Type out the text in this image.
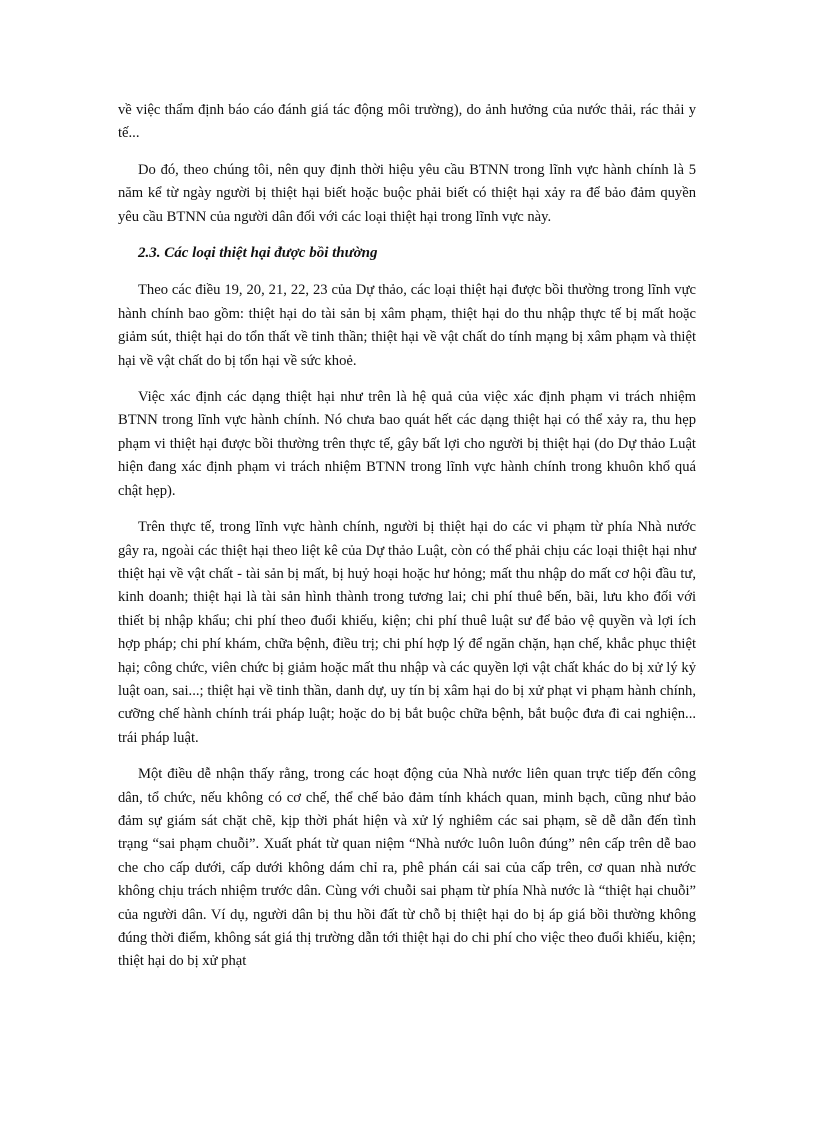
về việc thẩm định báo cáo đánh giá tác động môi trường), do ảnh hưởng của nước thải, rác thải y tế...

Do đó, theo chúng tôi, nên quy định thời hiệu yêu cầu BTNN trong lĩnh vực hành chính là 5 năm kể từ ngày người bị thiệt hại biết hoặc buộc phải biết có thiệt hại xảy ra để bảo đảm quyền yêu cầu BTNN của người dân đối với các loại thiệt hại trong lĩnh vực này.

2.3. Các loại thiệt hại được bồi thường

Theo các điều 19, 20, 21, 22, 23 của Dự thảo, các loại thiệt hại được bồi thường trong lĩnh vực hành chính bao gồm: thiệt hại do tài sản bị xâm phạm, thiệt hại do thu nhập thực tế bị mất hoặc giảm sút, thiệt hại do tổn thất về tinh thần; thiệt hại về vật chất do tính mạng bị xâm phạm và thiệt hại về vật chất do bị tổn hại về sức khoẻ.

Việc xác định các dạng thiệt hại như trên là hệ quả của việc xác định phạm vi trách nhiệm BTNN trong lĩnh vực hành chính. Nó chưa bao quát hết các dạng thiệt hại có thể xảy ra, thu hẹp phạm vi thiệt hại được bồi thường trên thực tế, gây bất lợi cho người bị thiệt hại (do Dự thảo Luật hiện đang xác định phạm vi trách nhiệm BTNN trong lĩnh vực hành chính trong khuôn khổ quá chật hẹp).

Trên thực tế, trong lĩnh vực hành chính, người bị thiệt hại do các vi phạm từ phía Nhà nước gây ra, ngoài các thiệt hại theo liệt kê của Dự thảo Luật, còn có thể phải chịu các loại thiệt hại như thiệt hại về vật chất - tài sản bị mất, bị huỷ hoại hoặc hư hỏng; mất thu nhập do mất cơ hội đầu tư, kinh doanh; thiệt hại là tài sản hình thành trong tương lai; chi phí thuê bến, bãi, lưu kho đối với thiết bị nhập khẩu; chi phí theo đuổi khiếu, kiện; chi phí thuê luật sư để bảo vệ quyền và lợi ích hợp pháp; chi phí khám, chữa bệnh, điều trị; chi phí hợp lý để ngăn chặn, hạn chế, khắc phục thiệt hại; công chức, viên chức bị giảm hoặc mất thu nhập và các quyền lợi vật chất khác do bị xử lý kỷ luật oan, sai...; thiệt hại về tinh thần, danh dự, uy tín bị xâm hại do bị xử phạt vi phạm hành chính, cưỡng chế hành chính trái pháp luật; hoặc do bị bắt buộc chữa bệnh, bắt buộc đưa đi cai nghiện... trái pháp luật.

Một điều dễ nhận thấy rằng, trong các hoạt động của Nhà nước liên quan trực tiếp đến công dân, tổ chức, nếu không có cơ chế, thể chế bảo đảm tính khách quan, minh bạch, cũng như bảo đảm sự giám sát chặt chẽ, kịp thời phát hiện và xử lý nghiêm các sai phạm, sẽ dễ dẫn đến tình trạng “sai phạm chuỗi”. Xuất phát từ quan niệm “Nhà nước luôn luôn đúng” nên cấp trên dễ bao che cho cấp dưới, cấp dưới không dám chỉ ra, phê phán cái sai của cấp trên, cơ quan nhà nước không chịu trách nhiệm trước dân. Cùng với chuỗi sai phạm từ phía Nhà nước là “thiệt hại chuỗi” của người dân. Ví dụ, người dân bị thu hồi đất từ chỗ bị thiệt hại do bị áp giá bồi thường không đúng thời điểm, không sát giá thị trường dẫn tới thiệt hại do chi phí cho việc theo đuổi khiếu, kiện; thiệt hại do bị xử phạt
